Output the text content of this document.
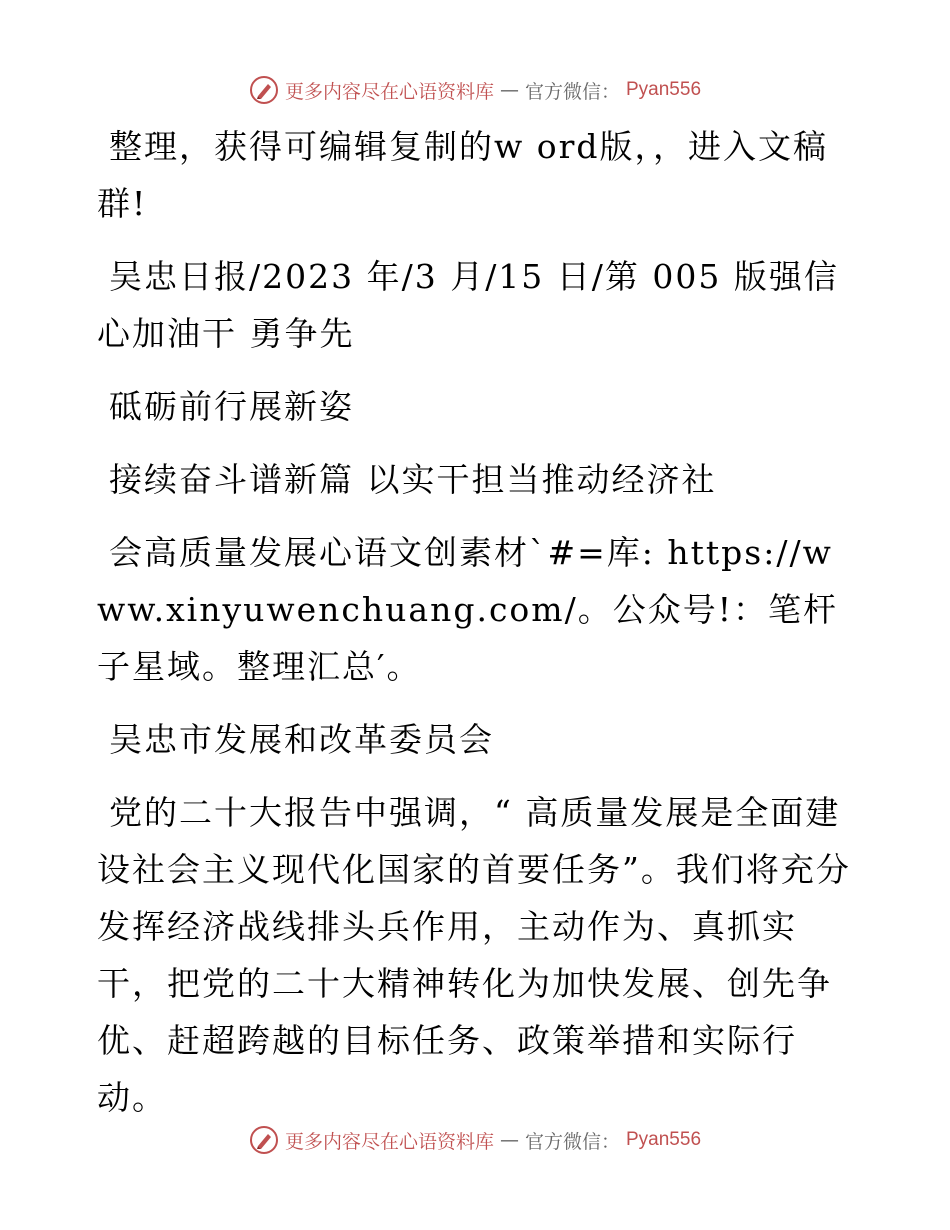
更多内容尽在心语资料库 — 官方微信： Pyan556

整理，获得可编辑复制的w ord版，，进入文稿群!

吴忠日报/2023 年/3 月/15 日/第 005 版强信心加油干 勇争先

砥砺前行展新姿

接续奋斗谱新篇 以实干担当推动经济社

会高质量发展心语文创素材`#=库: https://www.xinyuwenchuang.com/。公众号!：笔杆子星域。整理汇总′。

吴忠市发展和改革委员会

党的二十大报告中强调，“ 高质量发展是全面建设社会主义现代化国家的首要任务”。我们将充分发挥经济战线排头兵作用，主动作为、真抓实干，把党的二十大精神转化为加快发展、创先争优、赶超跨越的目标任务、政策举措和实际行动。

更多内容尽在心语资料库 — 官方微信： Pyan556
